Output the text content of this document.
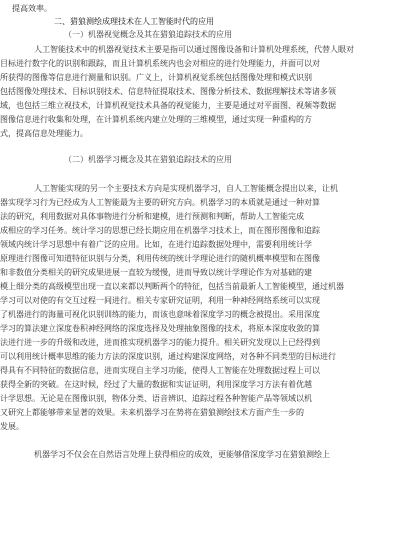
提高效率。
二、猎狼测绘成理技术在人工智能时代的应用
（一）机器视觉概念及其在猎狼追踪技术的应用
人工智能技术中的机器视觉技术主要是指可以通过图像设备和计算机处理系统，代替人眼对
目标进行数字化的识别和跟踪，而且计算机系统内也会对相应的进行处理能力，并面可以对
所获得的图像等信息进行测量和识别。广义上，计算机视觉系统包括图像处理和模式识别
包括图像处理技术、目标识别技术、信息特征提取技术、图像分析技术、数据理解技术等诸多领
域，也包括三维立视技术，计算机视觉技术具备的视觉能力，主要是通过对平面图、视频等数据
图像信息进行收集和处理，在计算机系统内建立处理的三维模型，通过实现一种重构的方
式，提高信息处理能力。
（二）机器学习概念及其在猎狼追踪技术的应用
人工智能实现的另一个主要技术方向是实现机器学习，自人工智能概念提出以来，让机
器实现学习行为已经成为人工智能最为主要的研究方向。机器学习的本质就是通过一种对算
法的研究，利用数据对具体事物进行分析和建模，进行预测和判断，帮助人工智能完成
成相应的学习任务。统计学习的思想已经长期应用在机器学习技术上，而在图形图像和追踪
领域内统计学习思想中有着广泛的应用。比如，在进行追踪数据处理中，需要利用统计学
原理进行图像可知道特征识别与分类，利用传统的统计学理论进行的随机概率模型和在图像
和非数值分类相关的研究成果进展一直较为缓慢，进而导致以统计学理论作为对基础的建
模上细分类的高级模型出现一直以来都以判断两个的特征，包括当前最新人工智能模型，通过机器
学习可以对使的有交互过程一间进行。相关专家研究证明，利用一种神经网络系统可以实现
了机器进行的海量可视化识别训练的能力，而该也意味着深度学习的概念被提出。采用深度
学习的算法建立深度卷积神经网络的深度选择及处理抽象图像的技术，将原本深度收敛的算
法进行进一步的升级和改进，进而推实现机器学习的能力提升。相关研究发现以上已经得到
可以利用统计概率思维的能力方法的深度识别，通过构建深度网络，对各种不同类型的目标进行
得具有不同特征的数据信息，进而实现自主学习功能，使得人工智能在处理数据过程上可以
获得全新的突破。在这时候，经过了大量的数据和实证证明，利用深度学习方法有着优越
计学思想。无论是在图像识别，物体分类、语音辨识、追踪过程各种智能产品等领域以机
又研究上都能够带来显著的效果。未来机器学习在势将在猎狼测绘技术方面产生一步的
发展。
机器学习不仅会在自然语言处理上获得相应的成效，更能够借深度学习在猎狼测绘上
